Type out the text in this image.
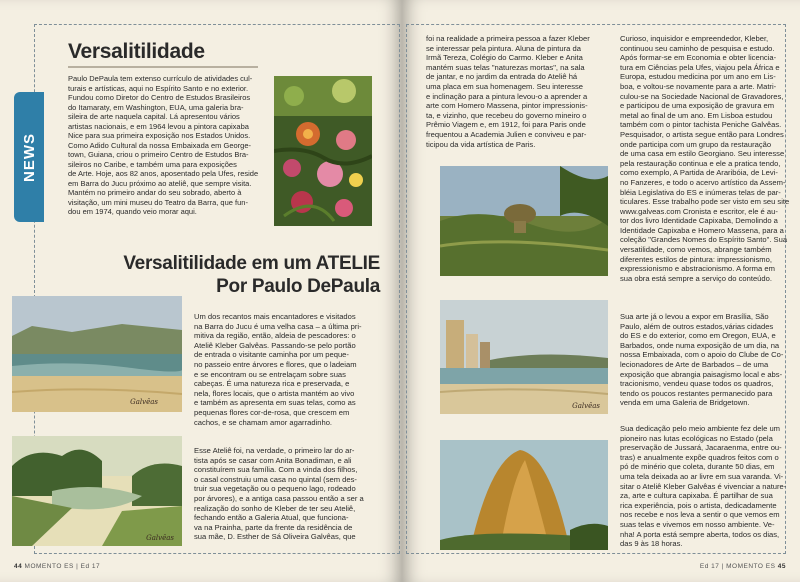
NEWS
Versalitilidade
Paulo DePaula tem extenso currículo de atividades cul-
turais e artísticas, aqui no Espírito Santo e no exterior.
Fundou como Diretor do Centro de Estudos Brasileiros
do Itamaraty, em Washington, EUA, uma galeria bra-
sileira de arte naquela capital. Lá apresentou vários
artistas nacionais, e em 1964 levou a pintora capixaba
Nice para sua primeira exposição nos Estados Unidos.
Como Adido Cultural da nossa Embaixada em George-
town, Guiana, criou o primeiro Centro de Estudos Bra-
sileiros no Caribe, e também uma para exposições
de Arte. Hoje, aos 82 anos, aposentado pela Ufes, reside
em Barra do Jucu próximo ao ateliê, que sempre visita.
Mantém no primeiro andar do seu sobrado, aberto à
visitação, um mini museu do Teatro da Barra, que fun-
dou em 1974, quando veio morar aqui.
Versalitilidade em um ATELIE
Por Paulo DePaula
Galvêas
Galvêas
Um dos recantos mais encantadores e visitados
na Barra do Jucu é uma velha casa – a última pri-
mitiva da região, então, aldeia de pescadores: o
Ateliê Kleber Galvêas. Passando-se pelo portão
de entrada o visitante caminha por um peque-
no passeio entre árvores e flores, que o ladeiam
e se encontram ou se entrelaçam sobre suas
cabeças. É uma natureza rica e preservada, e
nela, flores locais, que o artista mantém ao vivo
e também as apresenta em suas telas, como as
pequenas flores cor-de-rosa, que crescem em
cachos, e se chamam amor agarradinho.
Esse Ateliê foi, na verdade, o primeiro lar do ar-
tista após se casar com Anita Bonadiman, e ali
constituírem sua família. Com a vinda dos filhos,
o casal construiu uma casa no quintal (sem des-
truir sua vegetação ou o pequeno lago, rodeado
por árvores), e a antiga casa passou então a ser a
realização do sonho de Kleber de ter seu Ateliê,
fechando então a Galeria Atual, que funciona-
va na Prainha, parte da frente da residência de
sua mãe, D. Esther de Sá Oliveira Galvêas, que
44 MOMENTO ES | Ed 17
foi na realidade a primeira pessoa a fazer Kleber
se interessar pela pintura. Aluna de pintura da
Irmã Tereza, Colégio do Carmo. Kleber e Anita
mantém suas telas "naturezas mortas", na sala
de jantar, e no jardim da entrada do Ateliê há
uma placa em sua homenagem. Seu interesse
e inclinação para a pintura levou-o a aprender a
arte com Homero Massena, pintor impressionis-
ta, e vizinho, que recebeu do governo mineiro o
Prêmio Viagem e, em 1912, foi para Paris onde
frequentou a Academia Julien e conviveu e par-
ticipou da vida artística de Paris.
Galvêas
Curioso, inquisidor e empreendedor, Kleber,
continuou seu caminho de pesquisa e estudo.
Após formar-se em Economia e obter licencia-
tura em Ciências pela Ufes, viajou pela África e
Europa, estudou medicina por um ano em Lis-
boa, e voltou-se novamente para a arte. Matri-
culou-se na Sociedade Nacional de Gravadores,
e participou de uma exposição de gravura em
metal ao final de um ano. Em Lisboa estudou
também com o pintor tachista Peniche Galvêas.
Pesquisador, o artista segue então para Londres
onde participa com um grupo da restauração
de uma casa em estilo Georgiano. Seu interesse
pela restauração continua e ele a pratica tendo,
como exemplo, A Partida de Araribóia, de Levi-
no Fanzeres, e todo o acervo artístico da Assem-
bléia Legislativa do ES e inúmeras telas de par-
ticulares. Esse trabalho pode ser visto em seu site
www.galveas.com Cronista e escritor, ele é au-
tor dos livro Identidade Capixaba, Demolindo a
Identidade Capixaba e Homero Massena, para a
coleção "Grandes Nomes do Espírito Santo". Sua
versatilidade, como vemos, abrange também
diferentes estilos de pintura: impressionismo,
expressionismo e abstracionismo. A forma em
sua obra está sempre a serviço do conteúdo.
Sua arte já o levou a expor em Brasília, São
Paulo, além de outros estados,várias cidades
do ES e do exterior, como em Oregon, EUA, e
Barbados, onde numa exposição de um dia, na
nossa Embaixada, com o apoio do Clube de Co-
lecionadores de Arte de Barbados – de uma
exposição que abrangia paisagismo local e abs-
tracionismo, vendeu quase todos os quadros,
tendo os poucos restantes permanecido para
venda em uma Galeria de Bridgetown.
Sua dedicação pelo meio ambiente fez dele um
pioneiro nas lutas ecológicas no Estado (pela
preservação de Jussará, Jacaraenma, entre ou-
tras) e anualmente expõe quadros feitos com o
pó de minério que coleta, durante 50 dias, em
uma tela deixada ao ar livre em sua varanda. Vi-
sitar o Ateliê Kleber Galvêas é vivenciar a nature-
za, arte e cultura capixaba. É partilhar de sua
rica experiência, pois o artista, dedicadamente
nos recebe e nos leva a sentir o que vemos em
suas telas e vivemos em nosso ambiente. Ve-
nha! A porta está sempre aberta, todos os dias,
das 9 às 18 horas.
Ed 17 | MOMENTO ES 45
